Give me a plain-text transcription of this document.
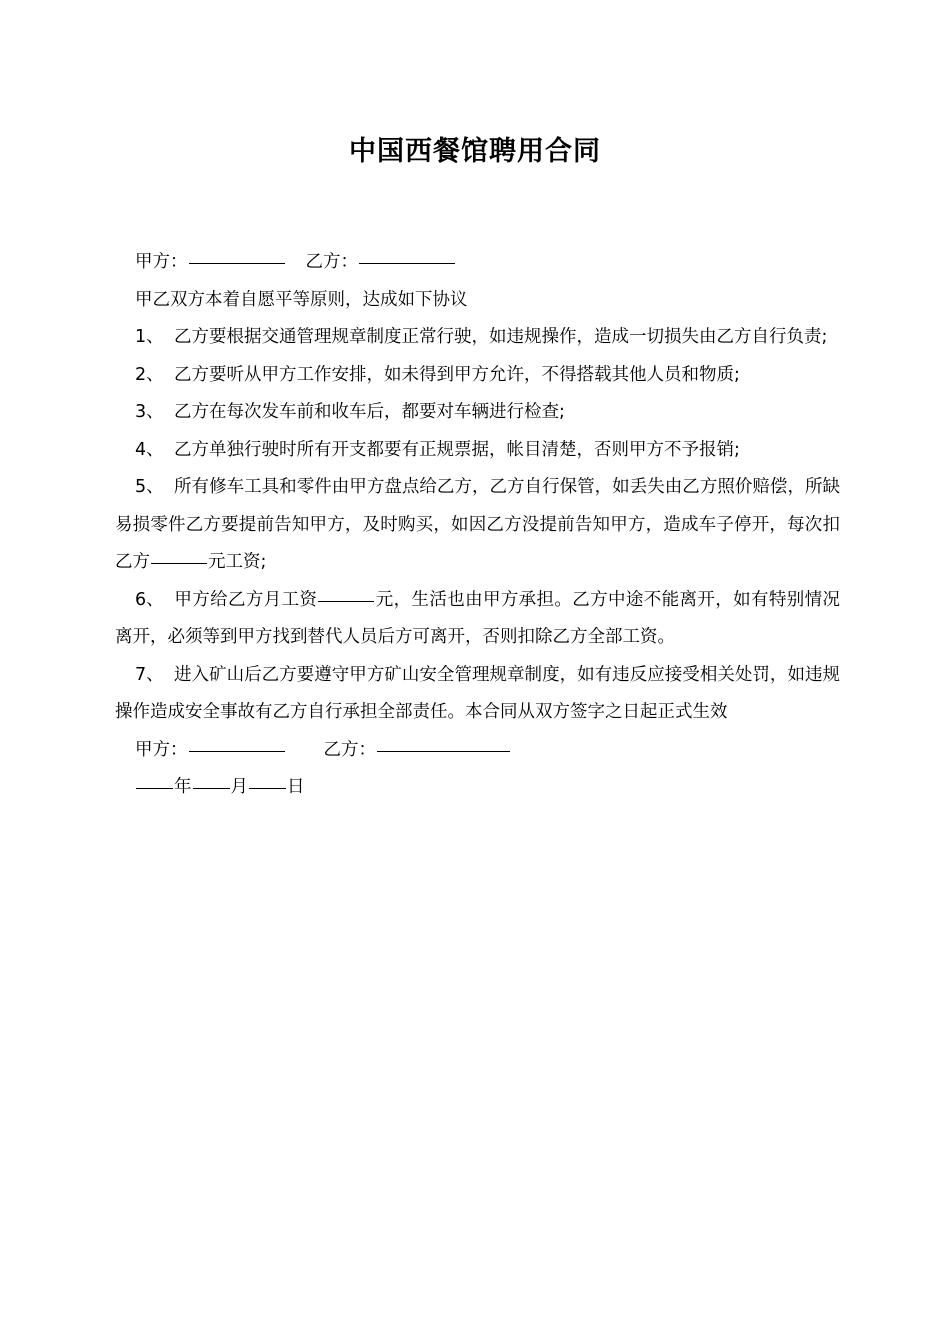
中国西餐馆聘用合同
甲方：	乙方：
甲乙双方本着自愿平等原则，达成如下协议
1、 乙方要根据交通管理规章制度正常行驶，如违规操作，造成一切损失由乙方自行负责;
2、 乙方要听从甲方工作安排，如未得到甲方允许，不得搭载其他人员和物质;
3、 乙方在每次发车前和收车后，都要对车辆进行检查;
4、 乙方单独行驶时所有开支都要有正规票据，帐目清楚，否则甲方不予报销;
5、 所有修车工具和零件由甲方盘点给乙方，乙方自行保管，如丢失由乙方照价赔偿，所缺易损零件乙方要提前告知甲方，及时购买，如因乙方没提前告知甲方，造成车子停开，每次扣乙方	元工资;
6、 甲方给乙方月工资	元，生活也由甲方承担。乙方中途不能离开，如有特别情况离开，必须等到甲方找到替代人员后方可离开，否则扣除乙方全部工资。
7、 进入矿山后乙方要遵守甲方矿山安全管理规章制度，如有违反应接受相关处罚，如违规操作造成安全事故有乙方自行承担全部责任。本合同从双方签字之日起正式生效
甲方：	乙方：
年 月 日
